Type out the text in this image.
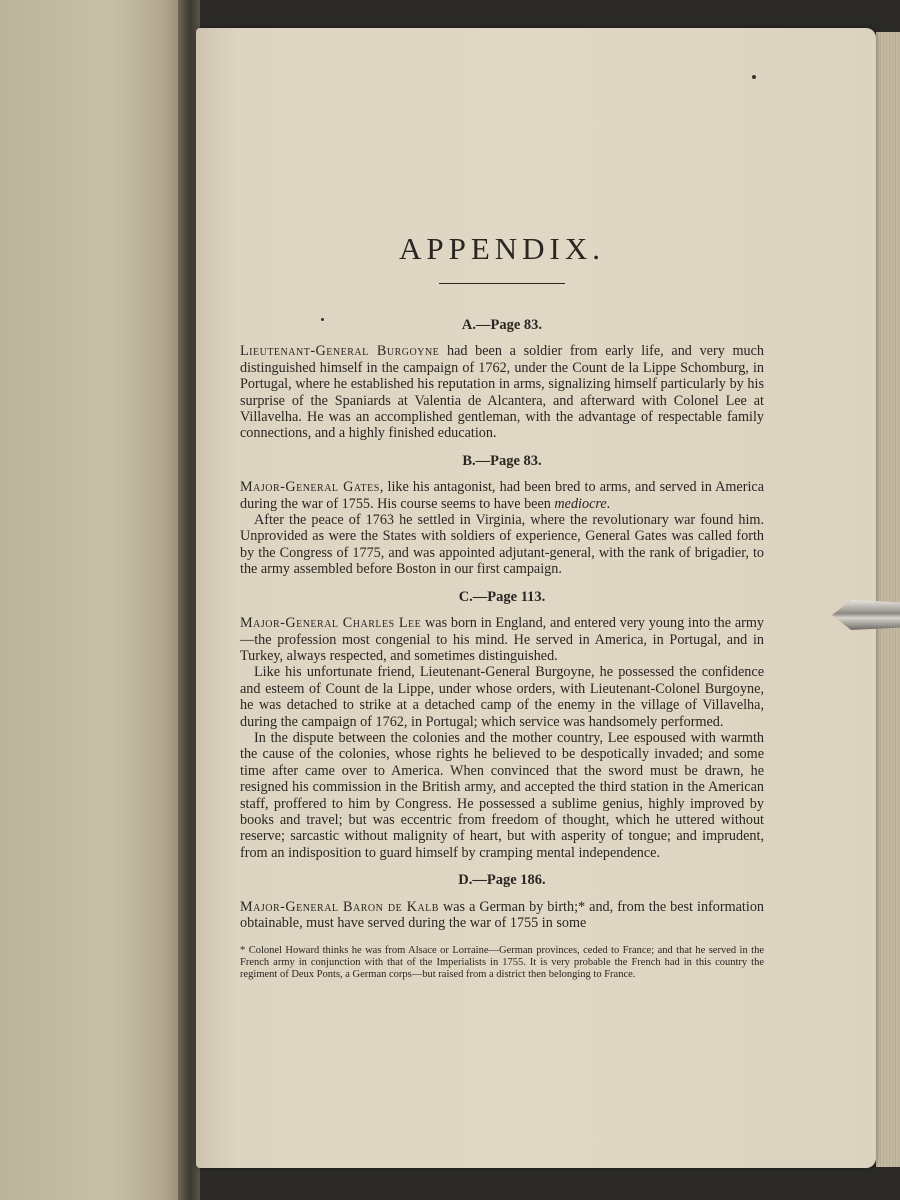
APPENDIX.
A.—Page 83.

Lieutenant-General Burgoyne had been a soldier from early life, and very much distinguished himself in the campaign of 1762, under the Count de la Lippe Schomburg, in Portugal, where he established his reputation in arms, signalizing himself particularly by his surprise of the Spaniards at Valentia de Alcantera, and afterward with Colonel Lee at Villavelha. He was an accomplished gentleman, with the advantage of respectable family connections, and a highly finished education.

B.—Page 83.

Major-General Gates, like his antagonist, had been bred to arms, and served in America during the war of 1755. His course seems to have been mediocre.

After the peace of 1763 he settled in Virginia, where the revolutionary war found him. Unprovided as were the States with soldiers of experience, General Gates was called forth by the Congress of 1775, and was appointed adjutant-general, with the rank of brigadier, to the army assembled before Boston in our first campaign.

C.—Page 113.

Major-General Charles Lee was born in England, and entered very young into the army—the profession most congenial to his mind. He served in America, in Portugal, and in Turkey, always respected, and sometimes distinguished.

Like his unfortunate friend, Lieutenant-General Burgoyne, he possessed the confidence and esteem of Count de la Lippe, under whose orders, with Lieutenant-Colonel Burgoyne, he was detached to strike at a detached camp of the enemy in the village of Villavelha, during the campaign of 1762, in Portugal; which service was handsomely performed.

In the dispute between the colonies and the mother country, Lee espoused with warmth the cause of the colonies, whose rights he believed to be despotically invaded; and some time after came over to America. When convinced that the sword must be drawn, he resigned his commission in the British army, and accepted the third station in the American staff, proffered to him by Congress. He possessed a sublime genius, highly improved by books and travel; but was eccentric from freedom of thought, which he uttered without reserve; sarcastic without malignity of heart, but with asperity of tongue; and imprudent, from an indisposition to guard himself by cramping mental independence.

D.—Page 186.

Major-General Baron de Kalb was a German by birth;* and, from the best information obtainable, must have served during the war of 1755 in some

* Colonel Howard thinks he was from Alsace or Lorraine—German provinces, ceded to France; and that he served in the French army in conjunction with that of the Imperialists in 1755. It is very probable the French had in this country the regiment of Deux Ponts, a German corps—but raised from a district then belonging to France.
